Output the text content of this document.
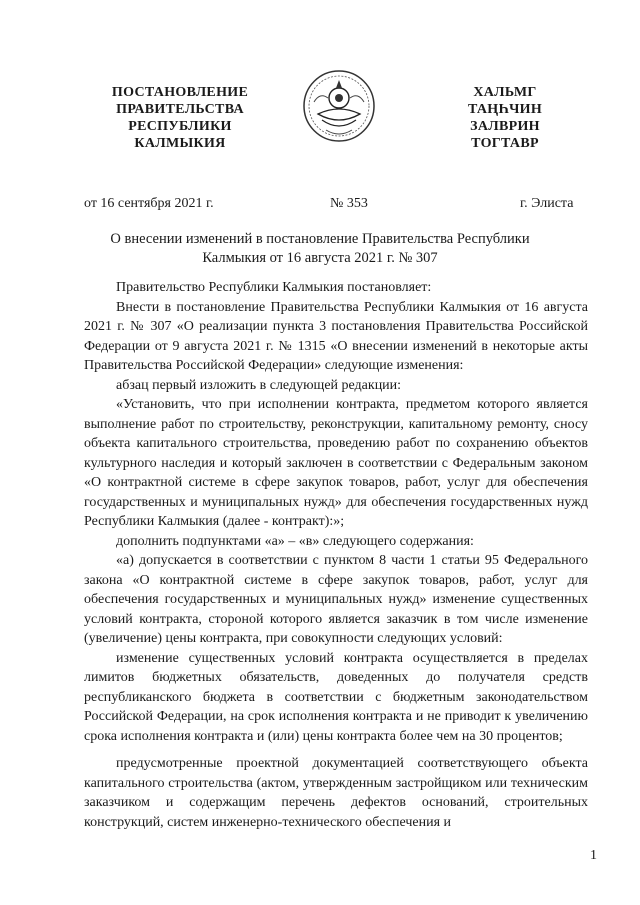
ПОСТАНОВЛЕНИЕ
ПРАВИТЕЛЬСТВА
РЕСПУБЛИКИ
КАЛМЫКИЯ
ХАЛЬМГ
ТАҢҺЧИН
ЗАЛВРИН
ТОГТАВР
от 16 сентября 2021 г.	№ 353	г. Элиста
О внесении изменений в постановление Правительства Республики
Калмыкия от 16 августа 2021 г. № 307

Правительство Республики Калмыкия постановляет:

Внести в постановление Правительства Республики Калмыкия от 16 августа 2021 г. № 307 «О реализации пункта 3 постановления Правительства Российской Федерации от 9 августа 2021 г. № 1315 «О внесении изменений в некоторые акты Правительства Российской Федерации» следующие изменения:

абзац первый изложить в следующей редакции:

«Установить, что при исполнении контракта, предметом которого является выполнение работ по строительству, реконструкции, капитальному ремонту, сносу объекта капитального строительства, проведению работ по сохранению объектов культурного наследия и который заключен в соответствии с Федеральным законом «О контрактной системе в сфере закупок товаров, работ, услуг для обеспечения государственных и муниципальных нужд» для обеспечения государственных нужд Республики Калмыкия (далее - контракт):»;

дополнить подпунктами «а» – «в» следующего содержания:

«а) допускается в соответствии с пунктом 8 части 1 статьи 95 Федерального закона «О контрактной системе в сфере закупок товаров, работ, услуг для обеспечения государственных и муниципальных нужд» изменение существенных условий контракта, стороной которого является заказчик в том числе изменение (увеличение) цены контракта, при совокупности следующих условий:

изменение существенных условий контракта осуществляется в пределах лимитов бюджетных обязательств, доведенных до получателя средств республиканского бюджета в соответствии с бюджетным законодательством Российской Федерации, на срок исполнения контракта и не приводит к увеличению срока исполнения контракта и (или) цены контракта более чем на 30 процентов;

предусмотренные проектной документацией соответствующего объекта капитального строительства (актом, утвержденным застройщиком или техническим заказчиком и содержащим перечень дефектов оснований, строительных конструкций, систем инженерно-технического обеспечения и

1
